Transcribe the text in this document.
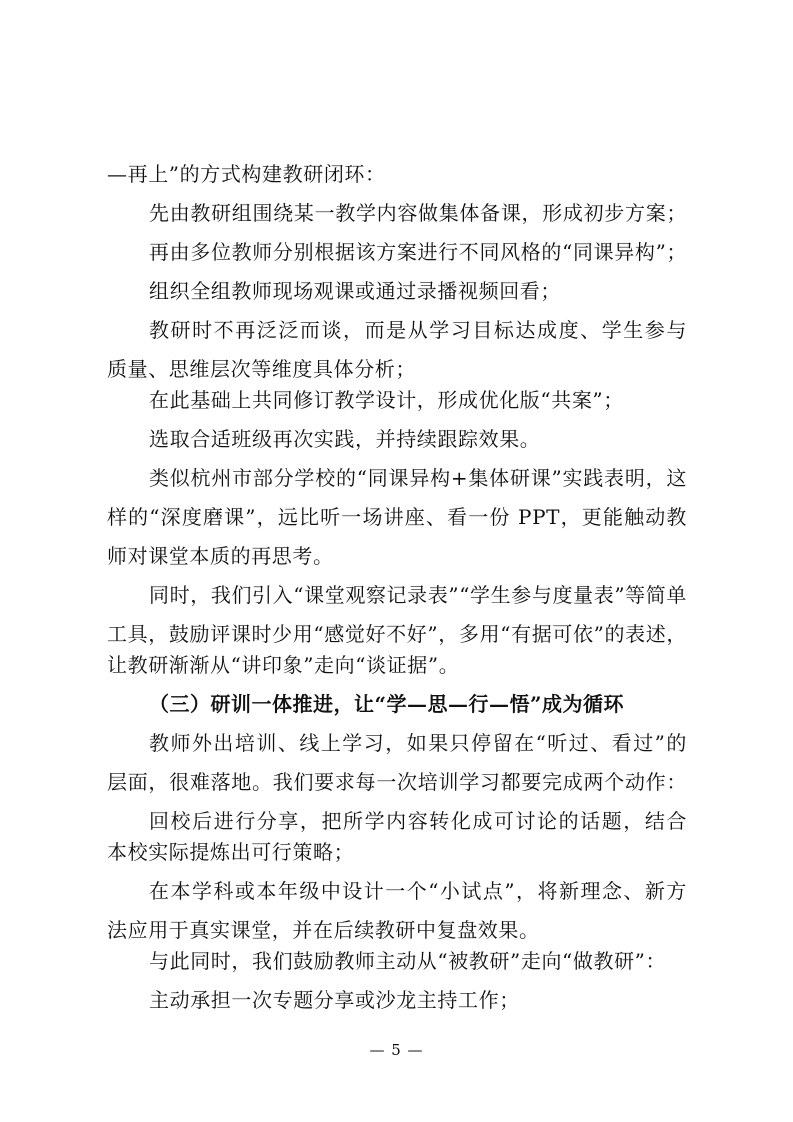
—再上”的方式构建教研闭环：
先由教研组围绕某一教学内容做集体备课，形成初步方案；
再由多位教师分别根据该方案进行不同风格的“同课异构”；
组织全组教师现场观课或通过录播视频回看；
教研时不再泛泛而谈，而是从学习目标达成度、学生参与
质量、思维层次等维度具体分析；
在此基础上共同修订教学设计，形成优化版“共案”；
选取合适班级再次实践，并持续跟踪效果。
类似杭州市部分学校的“同课异构+集体研课”实践表明，这
样的“深度磨课”，远比听一场讲座、看一份 PPT，更能触动教
师对课堂本质的再思考。
同时，我们引入“课堂观察记录表”“学生参与度量表”等简单
工具，鼓励评课时少用“感觉好不好”，多用“有据可依”的表述，
让教研渐渐从“讲印象”走向“谈证据”。
（三）研训一体推进，让“学—思—行—悟”成为循环
教师外出培训、线上学习，如果只停留在“听过、看过”的
层面，很难落地。我们要求每一次培训学习都要完成两个动作：
回校后进行分享，把所学内容转化成可讨论的话题，结合
本校实际提炼出可行策略；
在本学科或本年级中设计一个“小试点”，将新理念、新方
法应用于真实课堂，并在后续教研中复盘效果。
与此同时，我们鼓励教师主动从“被教研”走向“做教研”：
主动承担一次专题分享或沙龙主持工作；
— 5 —
